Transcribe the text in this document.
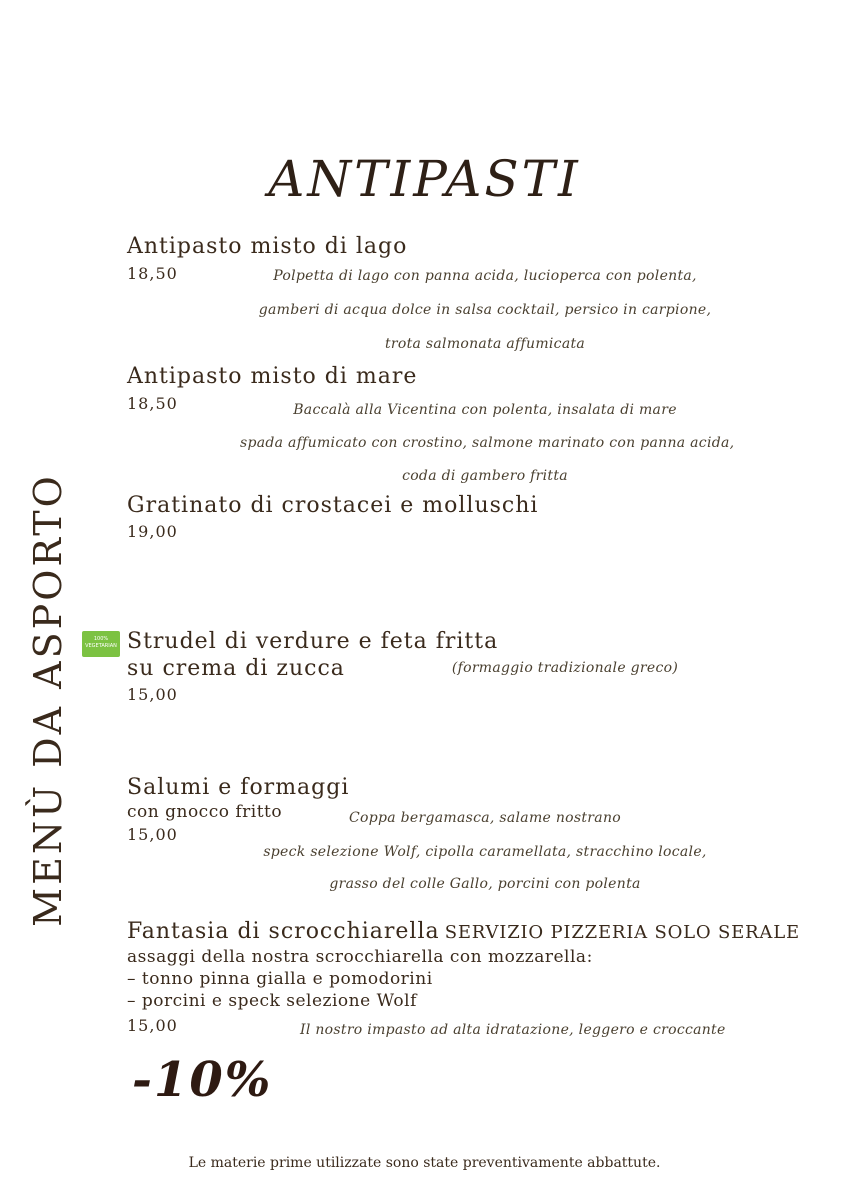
MENÙ DA ASPORTO
ANTIPASTI
Antipasto misto di lago
18,50	Polpetta di lago con panna acida, lucioperca con polenta,
gamberi di acqua dolce in salsa cocktail, persico in carpione,
trota salmonata affumicata
Antipasto misto di mare
18,50	Baccalà alla Vicentina con polenta, insalata di mare
spada affumicato con crostino, salmone marinato con panna acida,
coda di gambero fritta
Gratinato di crostacei e molluschi
19,00
100%
VEGETARIAN Strudel di verdure e feta fritta
su crema di zucca	(formaggio tradizionale greco)
15,00
Salumi e formaggi
con gnocco fritto
15,00
Coppa bergamasca, salame nostrano
speck selezione Wolf, cipolla caramellata, stracchino locale,
grasso del colle Gallo, porcini con polenta
Fantasia di scrocchiarella SERVIZIO PIZZERIA SOLO SERALE
assaggi della nostra scrocchiarella con mozzarella:
– tonno pinna gialla e pomodorini
– porcini e speck selezione Wolf
15,00	Il nostro impasto ad alta idratazione, leggero e croccante
-10%
Le materie prime utilizzate sono state preventivamente abbattute.
